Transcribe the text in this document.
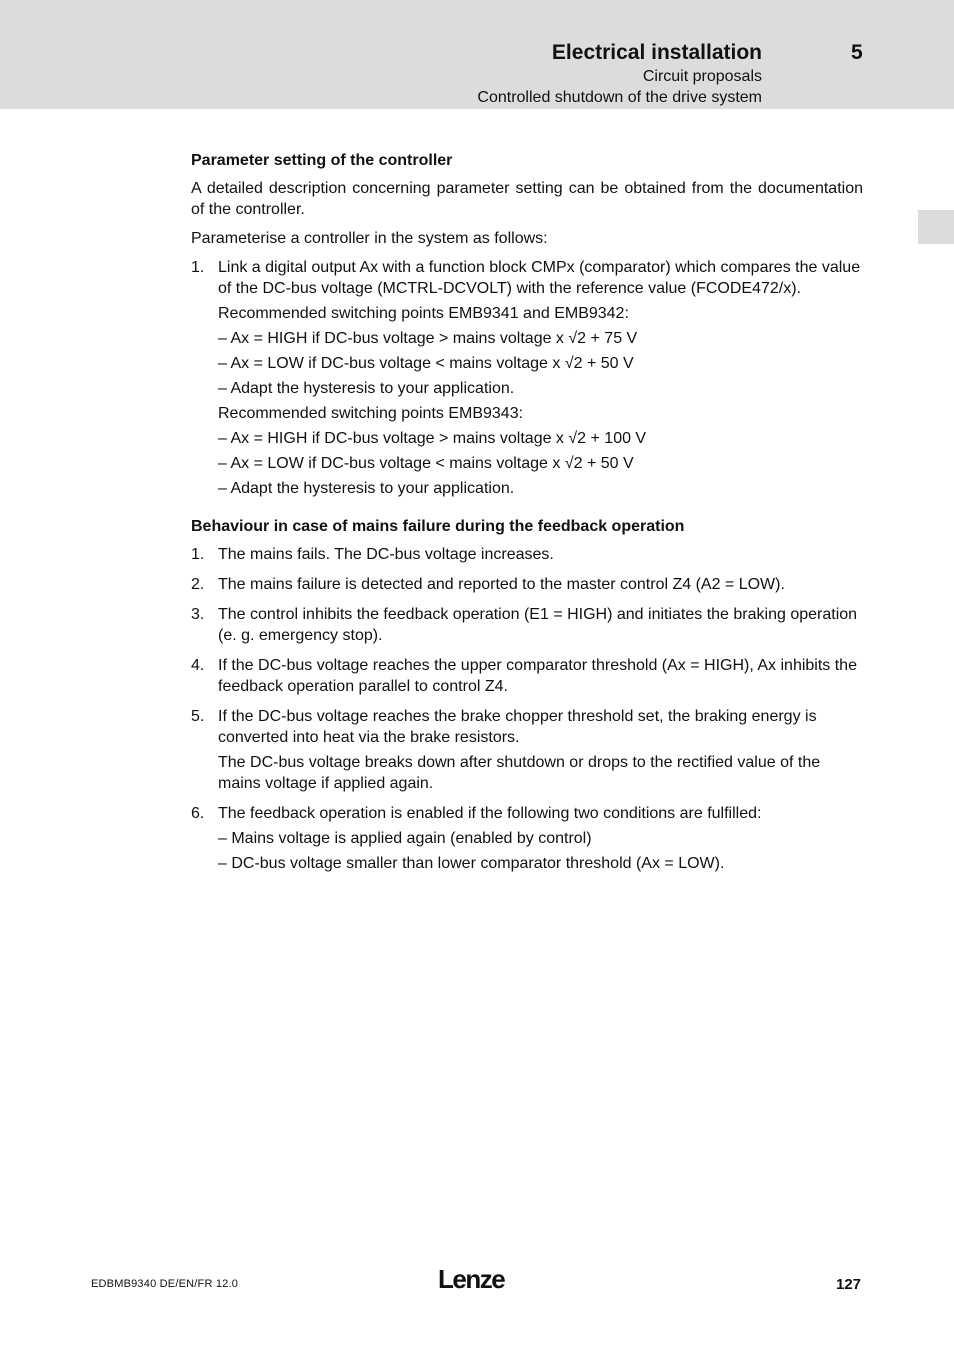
Electrical installation	5
Circuit proposals
Controlled shutdown of the drive system
Parameter setting of the controller

A detailed description concerning parameter setting can be obtained from the documentation of the controller.

Parameterise a controller in the system as follows:

1. Link a digital output Ax with a function block CMPx (comparator) which compares the value of the DC-bus voltage (MCTRL-DCVOLT) with the reference value (FCODE472/x).
Recommended switching points EMB9341 and EMB9342:
– Ax = HIGH if DC-bus voltage > mains voltage x √2 + 75 V
– Ax = LOW if DC-bus voltage < mains voltage x √2 + 50 V
– Adapt the hysteresis to your application.
Recommended switching points EMB9343:
– Ax = HIGH if DC-bus voltage > mains voltage x √2 + 100 V
– Ax = LOW if DC-bus voltage < mains voltage x √2 + 50 V
– Adapt the hysteresis to your application.
Behaviour in case of mains failure during the feedback operation
1. The mains fails. The DC-bus voltage increases.
2. The mains failure is detected and reported to the master control Z4 (A2 = LOW).
3. The control inhibits the feedback operation (E1 = HIGH) and initiates the braking operation (e. g. emergency stop).
4. If the DC-bus voltage reaches the upper comparator threshold (Ax = HIGH), Ax inhibits the feedback operation parallel to control Z4.
5. If the DC-bus voltage reaches the brake chopper threshold set, the braking energy is converted into heat via the brake resistors.
The DC-bus voltage breaks down after shutdown or drops to the rectified value of the mains voltage if applied again.
6. The feedback operation is enabled if the following two conditions are fulfilled:
– Mains voltage is applied again (enabled by control)
– DC-bus voltage smaller than lower comparator threshold (Ax = LOW).
EDBMB9340 DE/EN/FR 12.0	Lenze	127
